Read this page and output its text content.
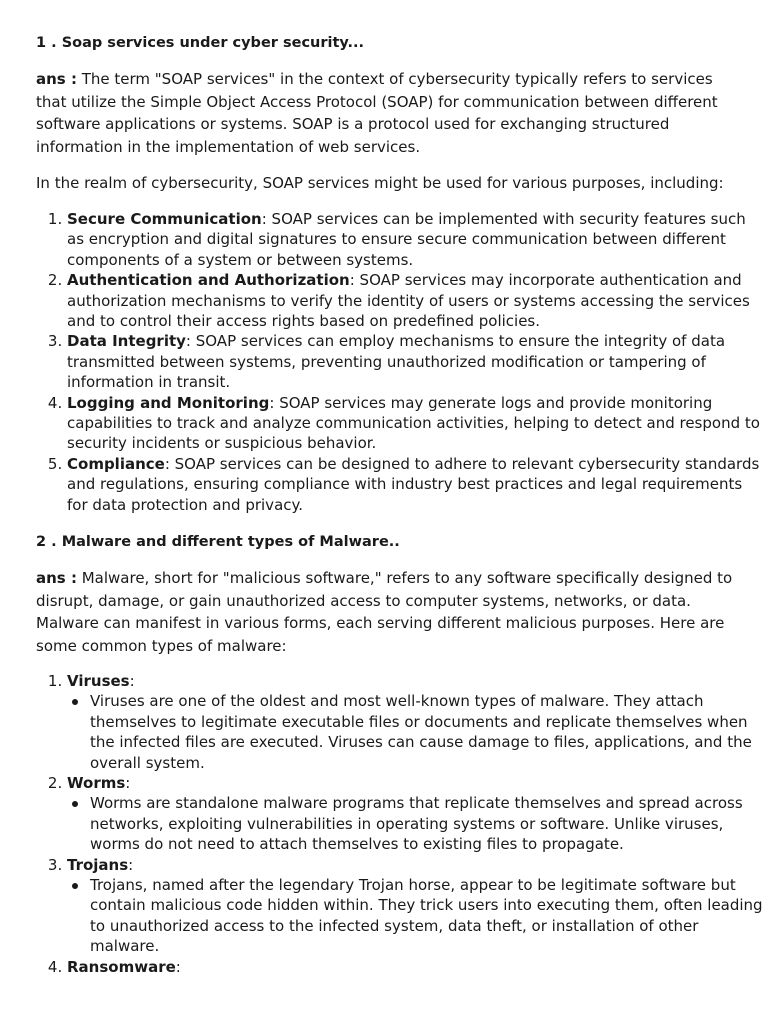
1 . Soap services under cyber security...

ans : The term "SOAP services" in the context of cybersecurity typically refers to services that utilize the Simple Object Access Protocol (SOAP) for communication between different software applications or systems. SOAP is a protocol used for exchanging structured information in the implementation of web services.

In the realm of cybersecurity, SOAP services might be used for various purposes, including:

1. Secure Communication: SOAP services can be implemented with security features such as encryption and digital signatures to ensure secure communication between different components of a system or between systems.
2. Authentication and Authorization: SOAP services may incorporate authentication and authorization mechanisms to verify the identity of users or systems accessing the services and to control their access rights based on predefined policies.
3. Data Integrity: SOAP services can employ mechanisms to ensure the integrity of data transmitted between systems, preventing unauthorized modification or tampering of information in transit.
4. Logging and Monitoring: SOAP services may generate logs and provide monitoring capabilities to track and analyze communication activities, helping to detect and respond to security incidents or suspicious behavior.
5. Compliance: SOAP services can be designed to adhere to relevant cybersecurity standards and regulations, ensuring compliance with industry best practices and legal requirements for data protection and privacy.

2 . Malware and different types of Malware..

ans : Malware, short for "malicious software," refers to any software specifically designed to disrupt, damage, or gain unauthorized access to computer systems, networks, or data. Malware can manifest in various forms, each serving different malicious purposes. Here are some common types of malware:

1. Viruses:
Viruses are one of the oldest and most well-known types of malware. They attach themselves to legitimate executable files or documents and replicate themselves when the infected files are executed. Viruses can cause damage to files, applications, and the overall system.
2. Worms:
Worms are standalone malware programs that replicate themselves and spread across networks, exploiting vulnerabilities in operating systems or software. Unlike viruses, worms do not need to attach themselves to existing files to propagate.
3. Trojans:
Trojans, named after the legendary Trojan horse, appear to be legitimate software but contain malicious code hidden within. They trick users into executing them, often leading to unauthorized access to the infected system, data theft, or installation of other malware.
4. Ransomware:
